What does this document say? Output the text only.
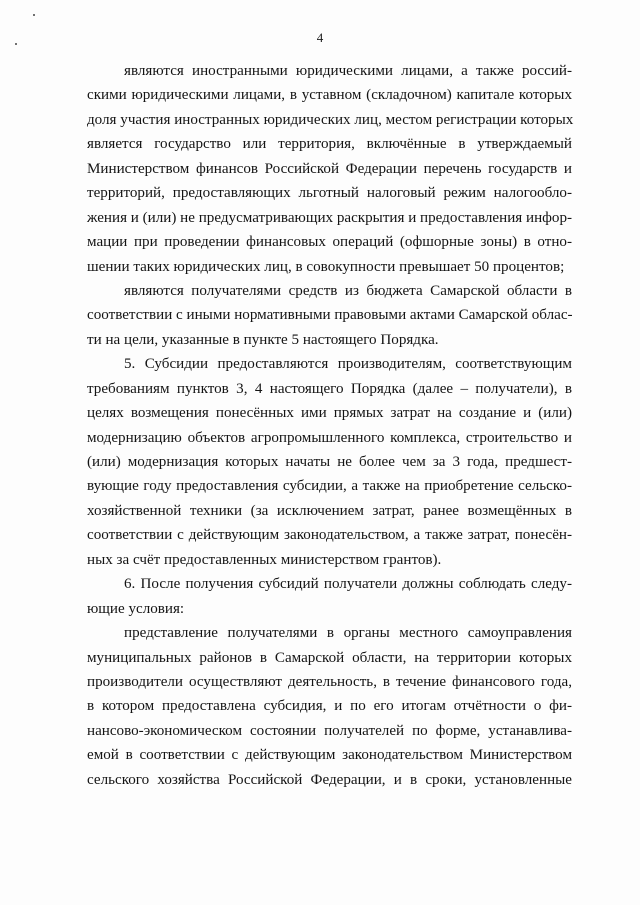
4
являются иностранными юридическими лицами, а также россий-
скими юридическими лицами, в уставном (складочном) капитале которых
доля участия иностранных юридических лиц, местом регистрации которых
является государство или территория, включённые в утверждаемый
Министерством финансов Российской Федерации перечень государств и
территорий, предоставляющих льготный налоговый режим налогообло-
жения и (или) не предусматривающих раскрытия и предоставления инфор-
мации при проведении финансовых операций (офшорные зоны) в отно-
шении таких юридических лиц, в совокупности превышает 50 процентов;
являются получателями средств из бюджета Самарской области в
соответствии с иными нормативными правовыми актами Самарской облас-
ти на цели, указанные в пункте 5 настоящего Порядка.
5. Субсидии предоставляются производителям, соответствующим
требованиям пунктов 3, 4 настоящего Порядка (далее – получатели), в
целях возмещения понесённых ими прямых затрат на создание и (или)
модернизацию объектов агропромышленного комплекса, строительство и
(или) модернизация которых начаты не более чем за 3 года, предшест-
вующие году предоставления субсидии, а также на приобретение сельско-
хозяйственной техники (за исключением затрат, ранее возмещённых в
соответствии с действующим законодательством, а также затрат, понесён-
ных за счёт предоставленных министерством грантов).
6. После получения субсидий получатели должны соблюдать следу-
ющие условия:
представление получателями в органы местного самоуправления
муниципальных районов в Самарской области, на территории которых
производители осуществляют деятельность, в течение финансового года,
в котором предоставлена субсидия, и по его итогам отчётности о фи-
нансово-экономическом состоянии получателей по форме, устанавлива-
емой в соответствии с действующим законодательством Министерством
сельского хозяйства Российской Федерации, и в сроки, установленные
